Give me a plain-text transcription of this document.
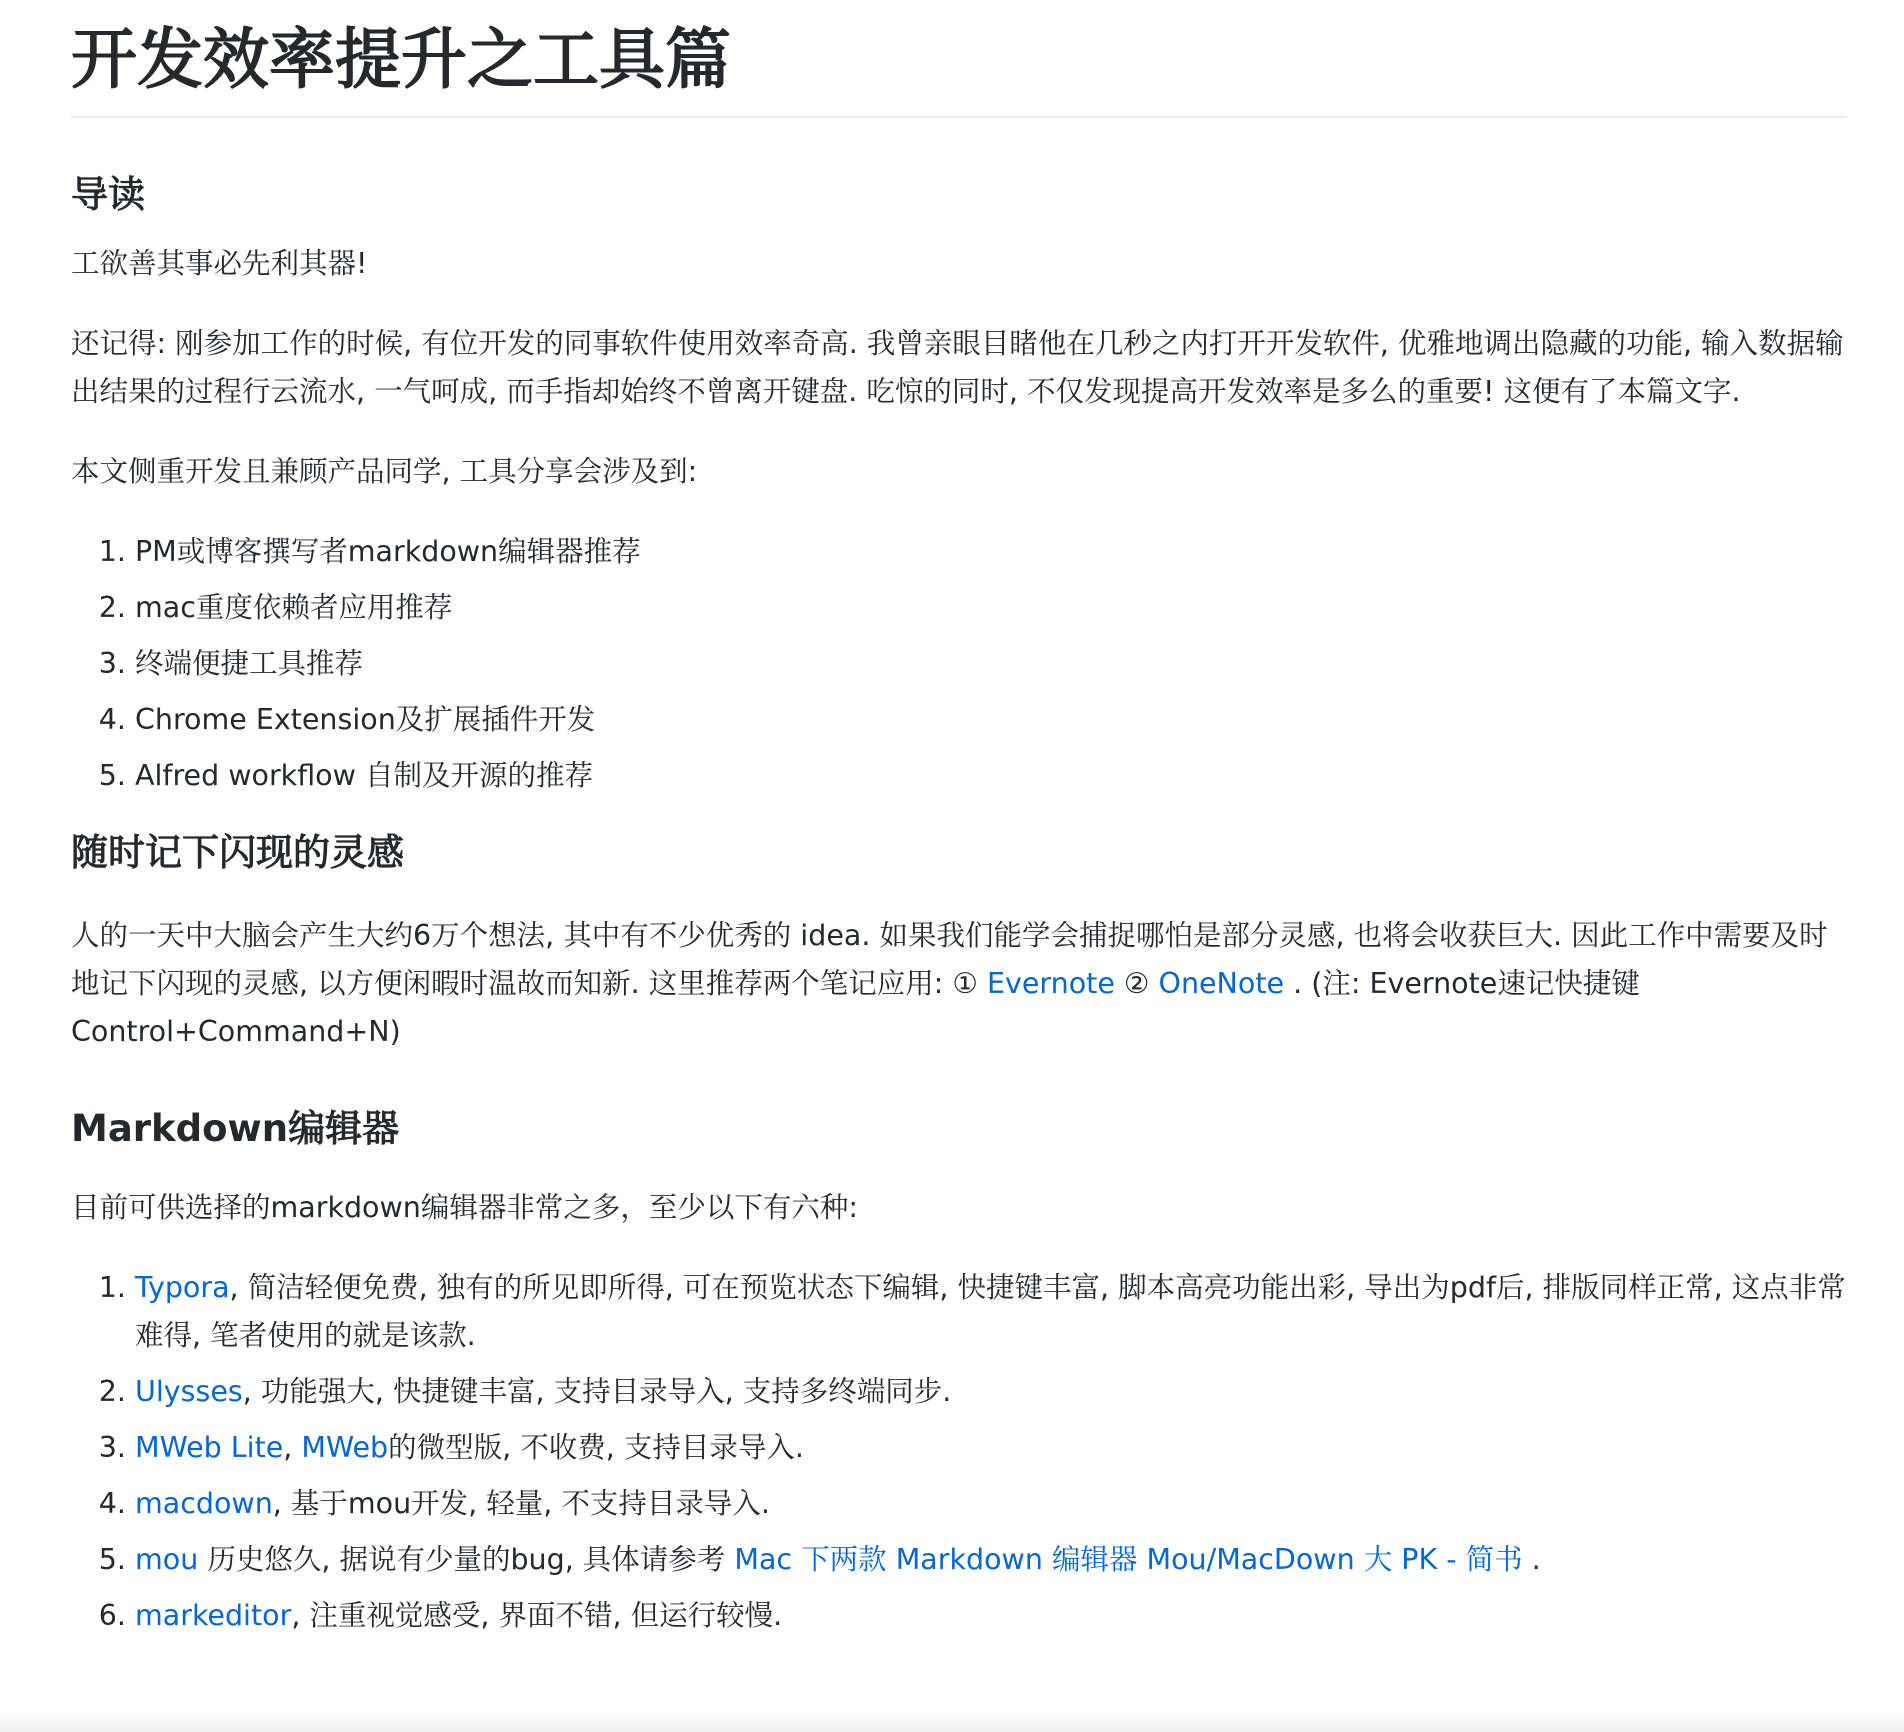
开发效率提升之工具篇
导读

工欲善其事必先利其器!

还记得: 刚参加工作的时候, 有位开发的同事软件使用效率奇高. 我曾亲眼目睹他在几秒之内打开开发软件, 优雅地调出隐藏的功能, 输入数据输出结果的过程行云流水, 一气呵成, 而手指却始终不曾离开键盘. 吃惊的同时, 不仅发现提高开发效率是多么的重要! 这便有了本篇文字.

本文侧重开发且兼顾产品同学, 工具分享会涉及到:

1. PM或博客撰写者markdown编辑器推荐
2. mac重度依赖者应用推荐
3. 终端便捷工具推荐
4. Chrome Extension及扩展插件开发
5. Alfred workflow 自制及开源的推荐
随时记下闪现的灵感

人的一天中大脑会产生大约6万个想法, 其中有不少优秀的 idea. 如果我们能学会捕捉哪怕是部分灵感, 也将会收获巨大. 因此工作中需要及时地记下闪现的灵感, 以方便闲暇时温故而知新. 这里推荐两个笔记应用: ① Evernote ② OneNote . (注: Evernote速记快捷键Control+Command+N)

Markdown编辑器

目前可供选择的markdown编辑器非常之多，至少以下有六种:

1. Typora, 简洁轻便免费, 独有的所见即所得, 可在预览状态下编辑, 快捷键丰富, 脚本高亮功能出彩, 导出为pdf后, 排版同样正常, 这点非常难得, 笔者使用的就是该款.
2. Ulysses, 功能强大, 快捷键丰富, 支持目录导入, 支持多终端同步.
3. MWeb Lite, MWeb的微型版, 不收费, 支持目录导入.
4. macdown, 基于mou开发, 轻量, 不支持目录导入.
5. mou 历史悠久, 据说有少量的bug, 具体请参考 Mac 下两款 Markdown 编辑器 Mou/MacDown 大 PK - 简书 .
6. markeditor, 注重视觉感受, 界面不错, 但运行较慢.
